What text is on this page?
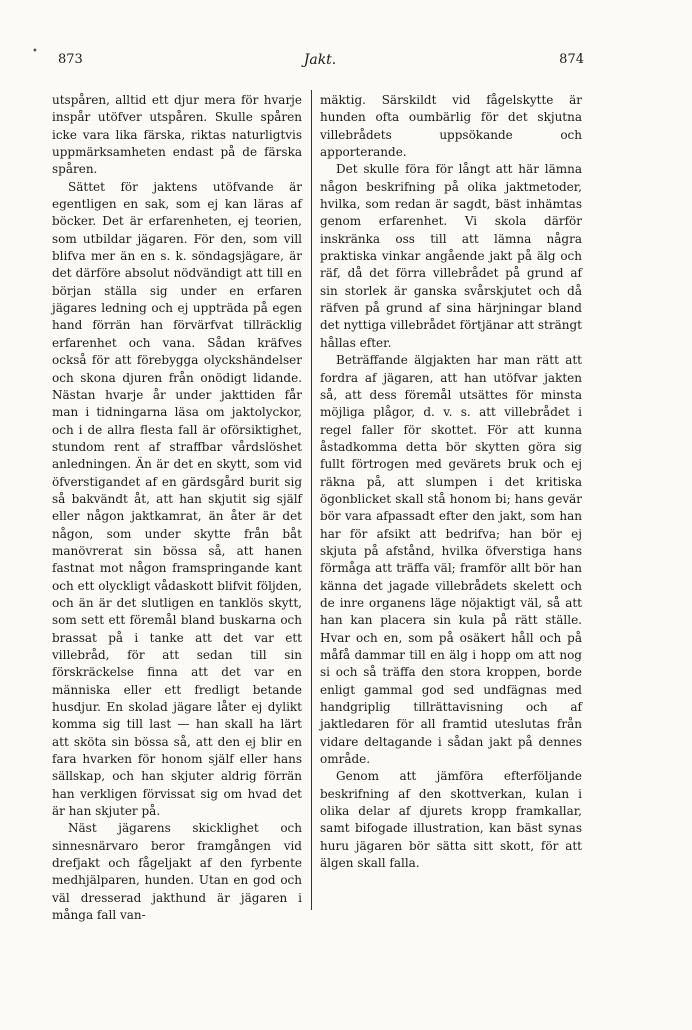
•
873	Jakt.	874

utspåren, alltid ett djur mera för hvarje inspår utöfver utspåren. Skulle spåren icke vara lika färska, riktas naturligtvis uppmärksamheten endast på de färska spåren.

Sättet för jaktens utöfvande är egentligen en sak, som ej kan läras af böcker. Det är erfarenheten, ej teorien, som utbildar jägaren. För den, som vill blifva mer än en s. k. söndagsjägare, är det därföre absolut nödvändigt att till en början ställa sig under en erfaren jägares ledning och ej uppträda på egen hand förrän han förvärfvat tillräcklig erfarenhet och vana. Sådan kräfves också för att förebygga olyckshändelser och skona djuren från onödigt lidande. Nästan hvarje år under jakttiden får man i tidningarna läsa om jaktolyckor, och i de allra flesta fall är oförsiktighet, stundom rent af straffbar vårdslöshet anledningen. Än är det en skytt, som vid öfverstigandet af en gärdsgård burit sig så bakvändt åt, att han skjutit sig själf eller någon jaktkamrat, än åter är det någon, som under skytte från båt manövrerat sin bössa så, att hanen fastnat mot någon framspringande kant och ett olyckligt vådaskott blifvit följden, och än är det slutligen en tanklös skytt, som sett ett föremål bland buskarna och brassat på i tanke att det var ett villebråd, för att sedan till sin förskräckelse finna att det var en människa eller ett fredligt betande husdjur. En skolad jägare låter ej dylikt komma sig till last — han skall ha lärt att sköta sin bössa så, att den ej blir en fara hvarken för honom själf eller hans sällskap, och han skjuter aldrig förrän han verkligen förvissat sig om hvad det är han skjuter på.

Näst jägarens skicklighet och sinnesnärvaro beror framgången vid drefjakt och fågeljakt af den fyrbente medhjälparen, hunden. Utan en god och väl dresserad jakthund är jägaren i många fall van-

mäktig. Särskildt vid fågelskytte är hunden ofta oumbärlig för det skjutna villebrådets uppsökande och apporterande.

Det skulle föra för långt att här lämna någon beskrifning på olika jaktmetoder, hvilka, som redan är sagdt, bäst inhämtas genom erfarenhet. Vi skola därför inskränka oss till att lämna några praktiska vinkar angående jakt på älg och räf, då det förra villebrådet på grund af sin storlek är ganska svårskjutet och då räfven på grund af sina härjningar bland det nyttiga villebrådet förtjänar att strängt hållas efter.

Beträffande älgjakten har man rätt att fordra af jägaren, att han utöfvar jakten så, att dess föremål utsättes för minsta möjliga plågor, d. v. s. att villebrådet i regel faller för skottet. För att kunna åstadkomma detta bör skytten göra sig fullt förtrogen med gevärets bruk och ej räkna på, att slumpen i det kritiska ögonblicket skall stå honom bi; hans gevär bör vara afpassadt efter den jakt, som han har för afsikt att bedrifva; han bör ej skjuta på afstånd, hvilka öfverstiga hans förmåga att träffa väl; framför allt bör han känna det jagade villebrådets skelett och de inre organens läge nöjaktigt väl, så att han kan placera sin kula på rätt ställe. Hvar och en, som på osäkert håll och på måfå dammar till en älg i hopp om att nog si och så träffa den stora kroppen, borde enligt gammal god sed undfägnas med handgriplig tillrättavisning och af jaktledaren för all framtid uteslutas från vidare deltagande i sådan jakt på dennes område.

Genom att jämföra efterföljande beskrifning af den skottverkan, kulan i olika delar af djurets kropp framkallar, samt bifogade illustration, kan bäst synas huru jägaren bör sätta sitt skott, för att älgen skall falla.
